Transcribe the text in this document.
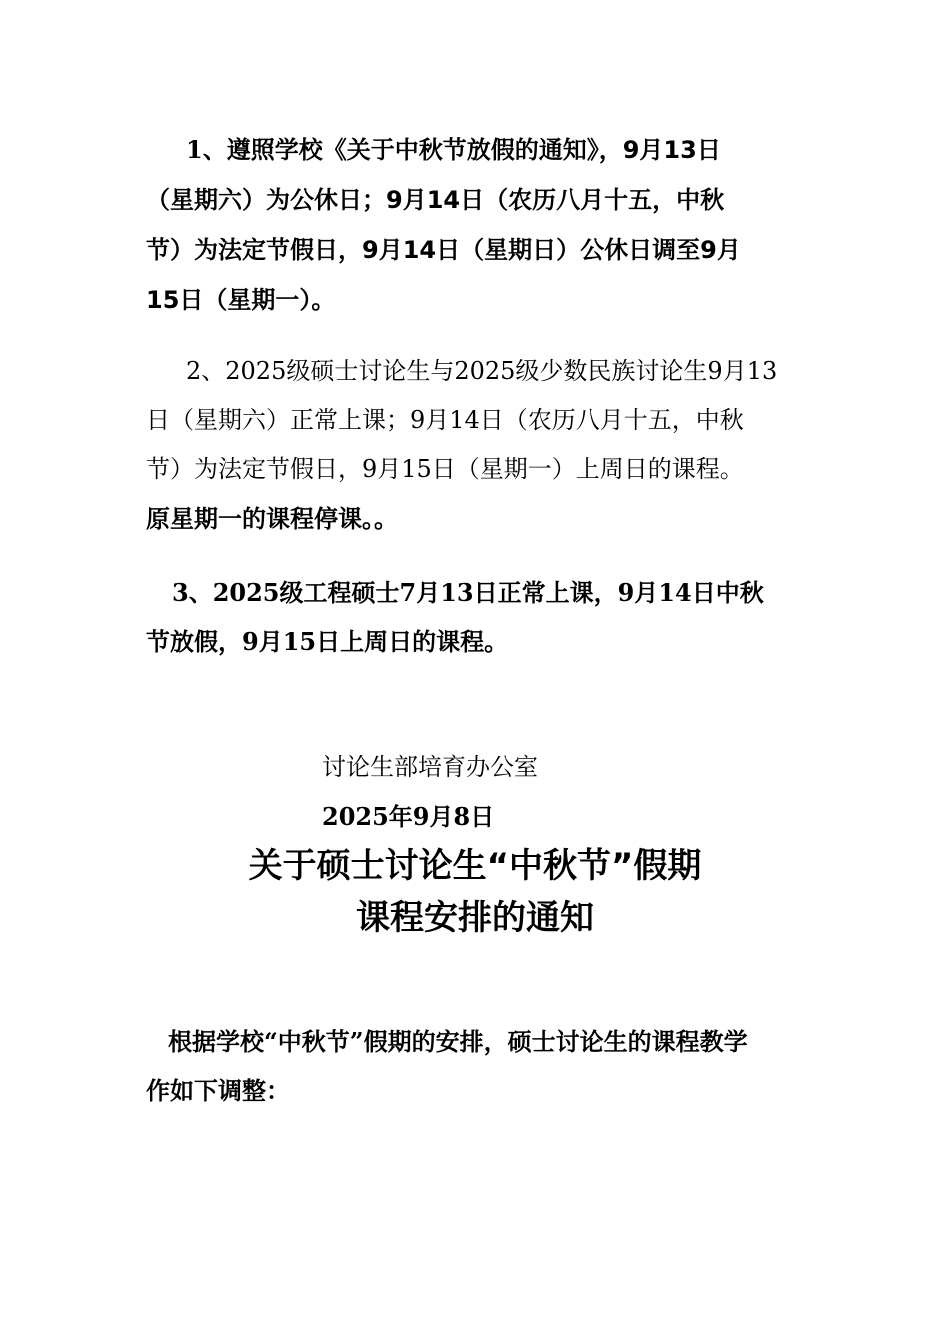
1、遵照学校《关于中秋节放假的通知》，9月13日
（星期六）为公休日；9月14日（农历八月十五，中秋
节）为法定节假日，9月14日（星期日）公休日调至9月
15日（星期一）。
2、2025级硕士讨论生与2025级少数民族讨论生9月13
日（星期六）正常上课；9月14日（农历八月十五，中秋
节）为法定节假日，9月15日（星期一）上周日的课程。
原星期一的课程停课。。
3、2025级工程硕士7月13日正常上课，9月14日中秋
节放假，9月15日上周日的课程。

讨论生部培育办公室

2025年9月8日

关于硕士讨论生“中秋节”假期
课程安排的通知
根据学校“中秋节”假期的安排，硕士讨论生的课程教学
作如下调整：
